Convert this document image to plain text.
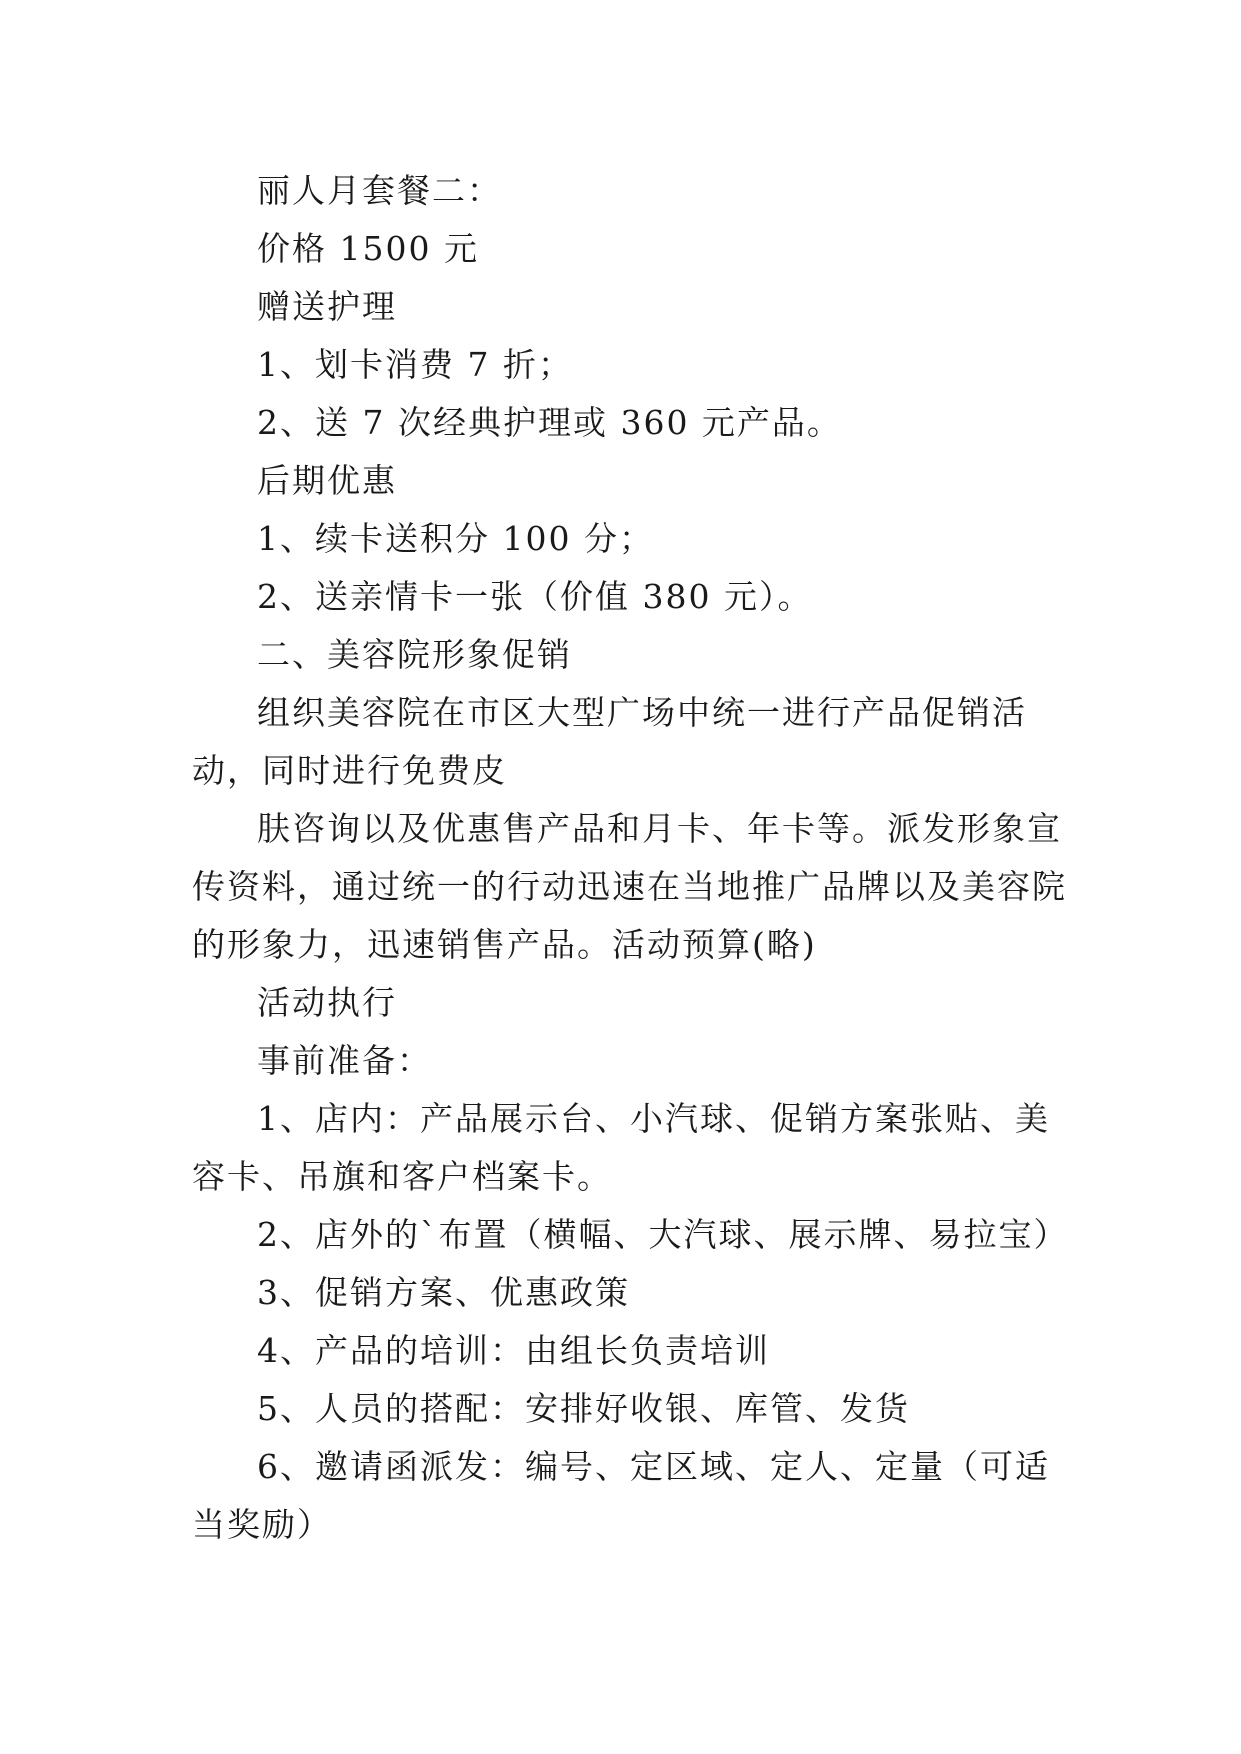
丽人月套餐二：

价格 1500 元

赠送护理

1、划卡消费 7 折；

2、送 7 次经典护理或 360 元产品。

后期优惠

1、续卡送积分 100 分；

2、送亲情卡一张（价值 380 元）。

二、美容院形象促销

组织美容院在市区大型广场中统一进行产品促销活动，同时进行免费皮

肤咨询以及优惠售产品和月卡、年卡等。派发形象宣传资料，通过统一的行动迅速在当地推广品牌以及美容院的形象力，迅速销售产品。活动预算(略)

活动执行

事前准备：

1、店内：产品展示台、小汽球、促销方案张贴、美容卡、吊旗和客户档案卡。

2、店外的`布置（横幅、大汽球、展示牌、易拉宝）

3、促销方案、优惠政策

4、产品的培训：由组长负责培训

5、人员的搭配：安排好收银、库管、发货

6、邀请函派发：编号、定区域、定人、定量（可适当奖励）
